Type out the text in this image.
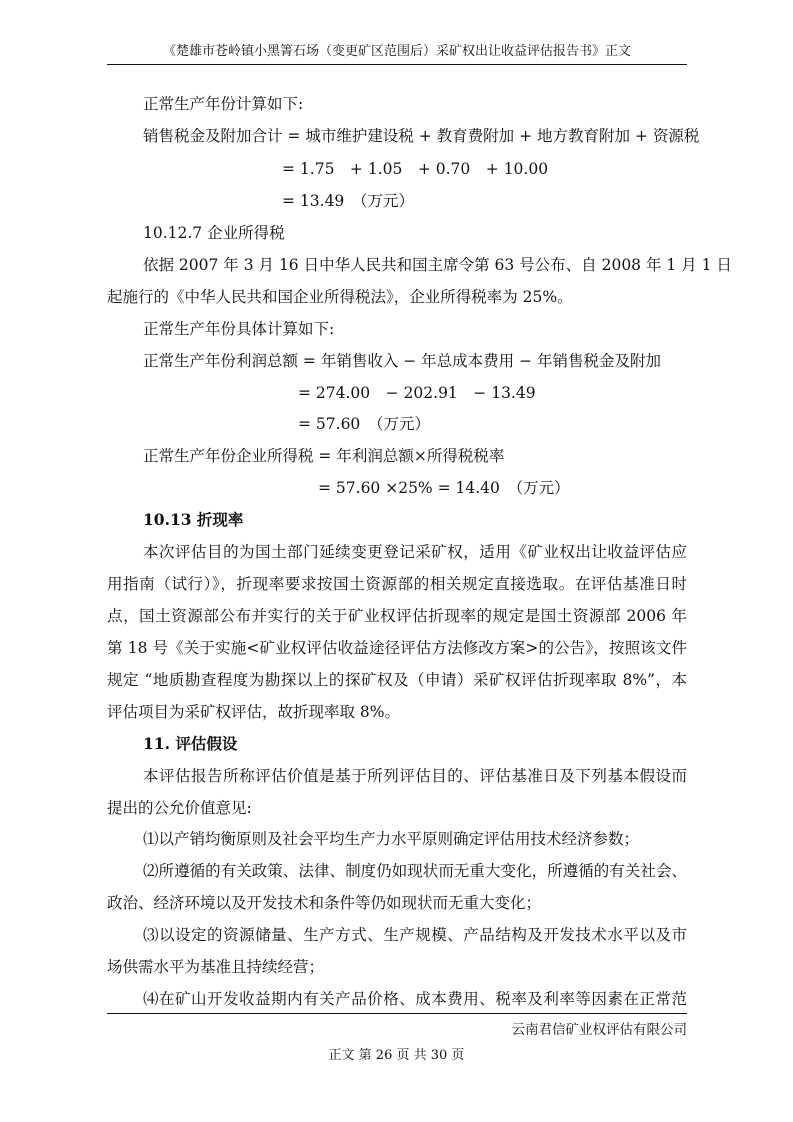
《楚雄市苍岭镇小黑箐石场（变更矿区范围后）采矿权出让收益评估报告书》正文
正常生产年份计算如下:
销售税金及附加合计 = 城市维护建设税 + 教育费附加 + 地方教育附加 + 资源税
= 1.75　+ 1.05　+ 0.70　+ 10.00
= 13.49　（万元）
10.12.7 企业所得税
依据 2007 年 3 月 16 日中华人民共和国主席令第 63 号公布、自 2008 年 1 月 1 日
起施行的《中华人民共和国企业所得税法》，企业所得税率为 25%。
正常生产年份具体计算如下:
正常生产年份利润总额 = 年销售收入 − 年总成本费用 − 年销售税金及附加
= 274.00　− 202.91　− 13.49
= 57.60　（万元）
正常生产年份企业所得税 = 年利润总额×所得税税率
= 57.60 ×25% = 14.40　（万元）
10.13 折现率
本次评估目的为国土部门延续变更登记采矿权，适用《矿业权出让收益评估应
用指南（试行）》，折现率要求按国土资源部的相关规定直接选取。在评估基准日时
点，国土资源部公布并实行的关于矿业权评估折现率的规定是国土资源部 2006 年
第 18 号《关于实施<矿业权评估收益途径评估方法修改方案>的公告》，按照该文件
规定 “地质勘查程度为勘探以上的探矿权及（申请）采矿权评估折现率取 8%”，本
评估项目为采矿权评估，故折现率取 8%。
11. 评估假设
本评估报告所称评估价值是基于所列评估目的、评估基准日及下列基本假设而
提出的公允价值意见:
⑴以产销均衡原则及社会平均生产力水平原则确定评估用技术经济参数；
⑵所遵循的有关政策、法律、制度仍如现状而无重大变化，所遵循的有关社会、
政治、经济环境以及开发技术和条件等仍如现状而无重大变化；
⑶以设定的资源储量、生产方式、生产规模、产品结构及开发技术水平以及市
场供需水平为基准且持续经营；
⑷在矿山开发收益期内有关产品价格、成本费用、税率及利率等因素在正常范
云南君信矿业权评估有限公司
正文 第 26 页 共 30 页
